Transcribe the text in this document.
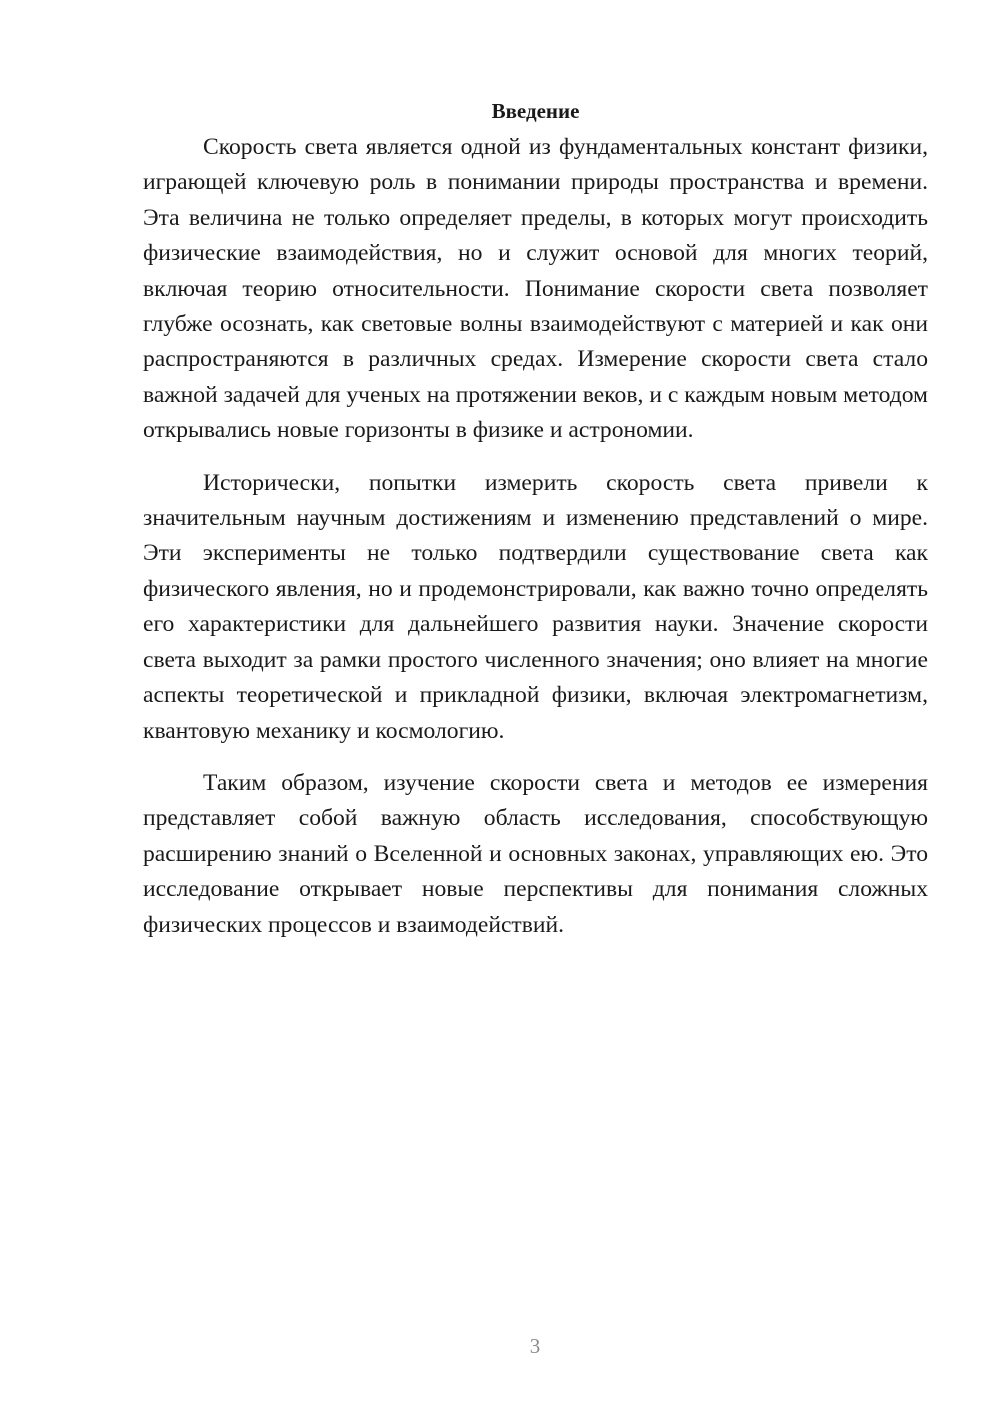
Введение

Скорость света является одной из фундаментальных констант физики, играющей ключевую роль в понимании природы пространства и времени. Эта величина не только определяет пределы, в которых могут происходить физические взаимодействия, но и служит основой для многих теорий, включая теорию относительности. Понимание скорости света позволяет глубже осознать, как световые волны взаимодействуют с материей и как они распространяются в различных средах. Измерение скорости света стало важной задачей для ученых на протяжении веков, и с каждым новым методом открывались новые горизонты в физике и астрономии.

Исторически, попытки измерить скорость света привели к значительным научным достижениям и изменению представлений о мире. Эти эксперименты не только подтвердили существование света как физического явления, но и продемонстрировали, как важно точно определять его характеристики для дальнейшего развития науки. Значение скорости света выходит за рамки простого численного значения; оно влияет на многие аспекты теоретической и прикладной физики, включая электромагнетизм, квантовую механику и космологию.

Таким образом, изучение скорости света и методов ее измерения представляет собой важную область исследования, способствующую расширению знаний о Вселенной и основных законах, управляющих ею. Это исследование открывает новые перспективы для понимания сложных физических процессов и взаимодействий.

3
